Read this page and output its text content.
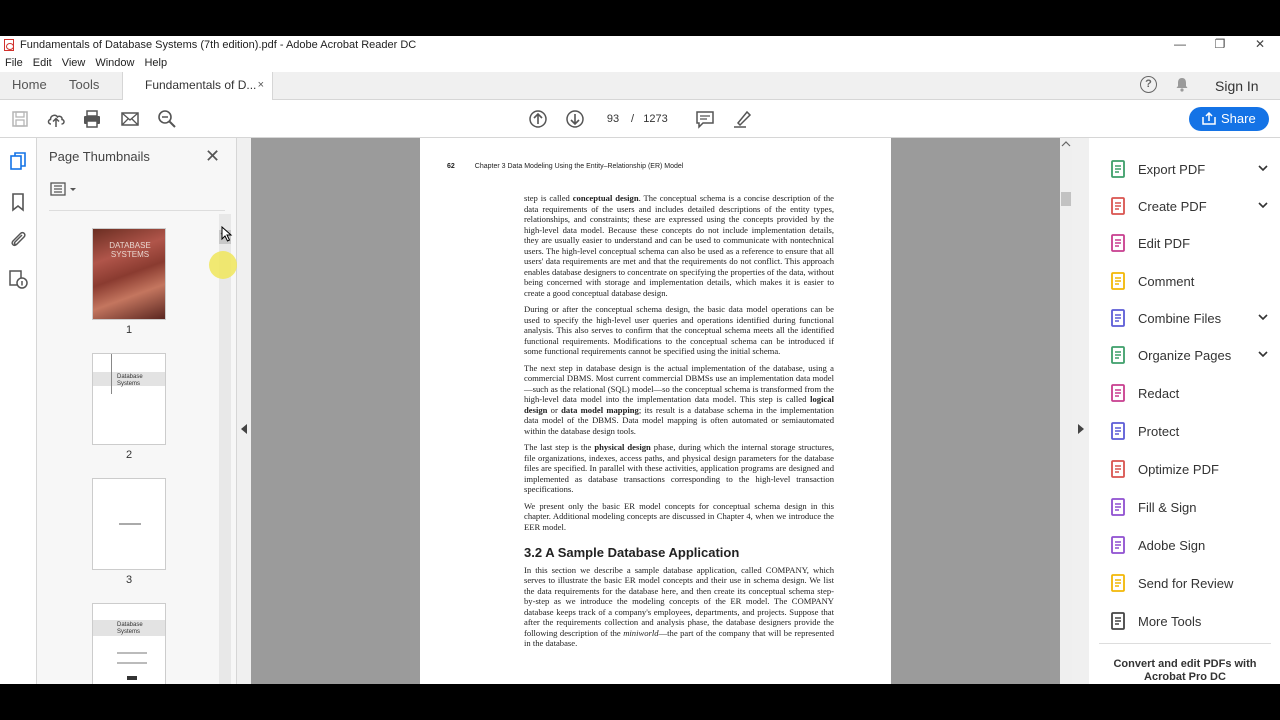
Fundamentals of Database Systems (7th edition).pdf - Adobe Acrobat Reader DC	—	❐	✕
File Edit View Window Help
Home Tools	Fundamentals of D... ×	?	Sign In
93	/ 1273	Share
Page Thumbnails	✕
DATABASE SYSTEMS
1
Database Systems
2
3
Database Systems
62	Chapter 3 Data Modeling Using the Entity–Relationship (ER) Model

step is called conceptual design. The conceptual schema is a concise description of the data requirements of the users and includes detailed descriptions of the entity types, relationships, and constraints; these are expressed using the concepts provided by the high-level data model. Because these concepts do not include implementation details, they are usually easier to understand and can be used to communicate with nontechnical users. The high-level conceptual schema can also be used as a reference to ensure that all users' data requirements are met and that the requirements do not conflict. This approach enables database designers to concentrate on specifying the properties of the data, without being concerned with storage and implementation details, which makes it is easier to create a good conceptual database design.

During or after the conceptual schema design, the basic data model operations can be used to specify the high-level user queries and operations identified during functional analysis. This also serves to confirm that the conceptual schema meets all the identified functional requirements. Modifications to the conceptual schema can be introduced if some functional requirements cannot be specified using the initial schema.

The next step in database design is the actual implementation of the database, using a commercial DBMS. Most current commercial DBMSs use an implementation data model—such as the relational (SQL) model—so the conceptual schema is transformed from the high-level data model into the implementation data model. This step is called logical design or data model mapping; its result is a database schema in the implementation data model of the DBMS. Data model mapping is often automated or semiautomated within the database design tools.

The last step is the physical design phase, during which the internal storage structures, file organizations, indexes, access paths, and physical design parameters for the database files are specified. In parallel with these activities, application programs are designed and implemented as database transactions corresponding to the high-level transaction specifications.

We present only the basic ER model concepts for conceptual schema design in this chapter. Additional modeling concepts are discussed in Chapter 4, when we introduce the EER model.

3.2 A Sample Database Application

In this section we describe a sample database application, called COMPANY, which serves to illustrate the basic ER model concepts and their use in schema design. We list the data requirements for the database here, and then create its conceptual schema step-by-step as we introduce the modeling concepts of the ER model. The COMPANY database keeps track of a company's employees, departments, and projects. Suppose that after the requirements collection and analysis phase, the database designers provide the following description of the miniworld—the part of the company that will be represented in the database.

Export PDF
Create PDF
Edit PDF
Comment
Combine Files
Organize Pages
Redact
Protect
Optimize PDF
Fill & Sign
Adobe Sign
Send for Review
More Tools
Convert and edit PDFs with Acrobat Pro DC
